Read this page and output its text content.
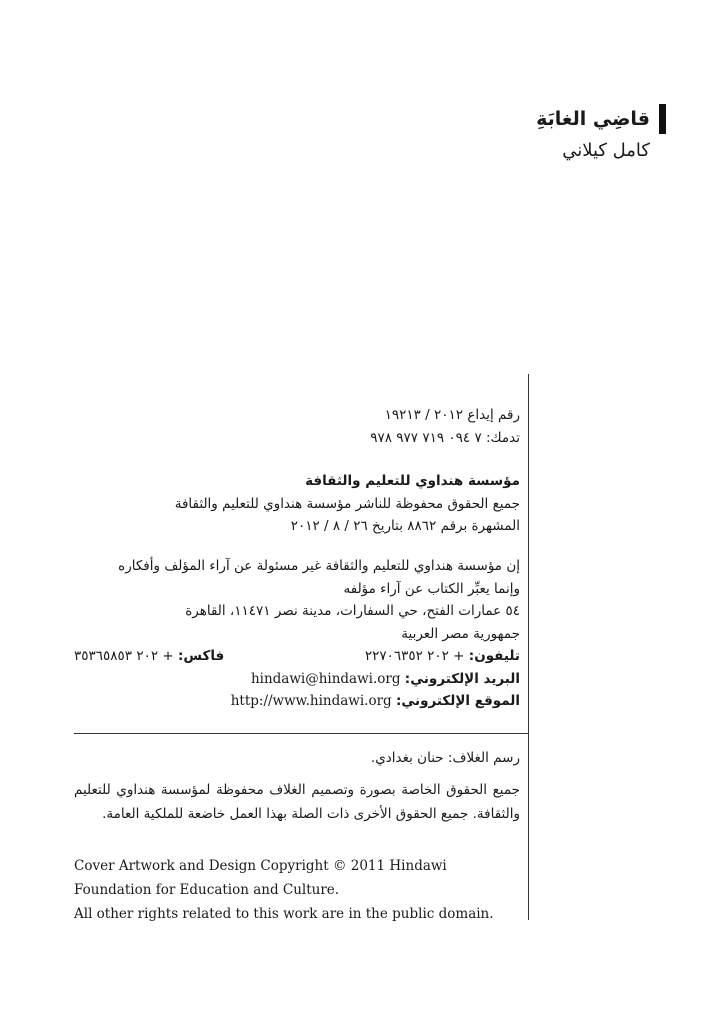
قاضِي الغابَةِ
كامل كيلاني

رقم إيداع ٢٠١٢ / ١٩٢١٣

تدمك: ٧ ٠٩٤ ٧١٩ ٩٧٧ ٩٧٨

مؤسسة هنداوي للتعليم والثقافة

جميع الحقوق محفوظة للناشر مؤسسة هنداوي للتعليم والثقافة

المشهرة برقم ٨٨٦٢ بتاريخ ٢٦ / ٨ / ٢٠١٢

إن مؤسسة هنداوي للتعليم والثقافة غير مسئولة عن آراء المؤلف وأفكاره

وإنما يعبِّر الكتاب عن آراء مؤلفه

٥٤ عمارات الفتح، حي السفارات، مدينة نصر ١١٤٧١، القاهرة

جمهورية مصر العربية

تليفون: + ٢٠٢ ٢٢٧٠٦٣٥٢
فاكس: + ٢٠٢ ٣٥٣٦٥٨٥٣

البريد الإلكتروني: hindawi@hindawi.org

الموقع الإلكتروني: http://www.hindawi.org

رسم الغلاف: حنان بغدادي.

جميع الحقوق الخاصة بصورة وتصميم الغلاف محفوظة لمؤسسة هنداوي للتعليم والثقافة. جميع الحقوق الأخرى ذات الصلة بهذا العمل خاضعة للملكية العامة.

Cover Artwork and Design Copyright © 2011 Hindawi

Foundation for Education and Culture.

All other rights related to this work are in the public domain.
